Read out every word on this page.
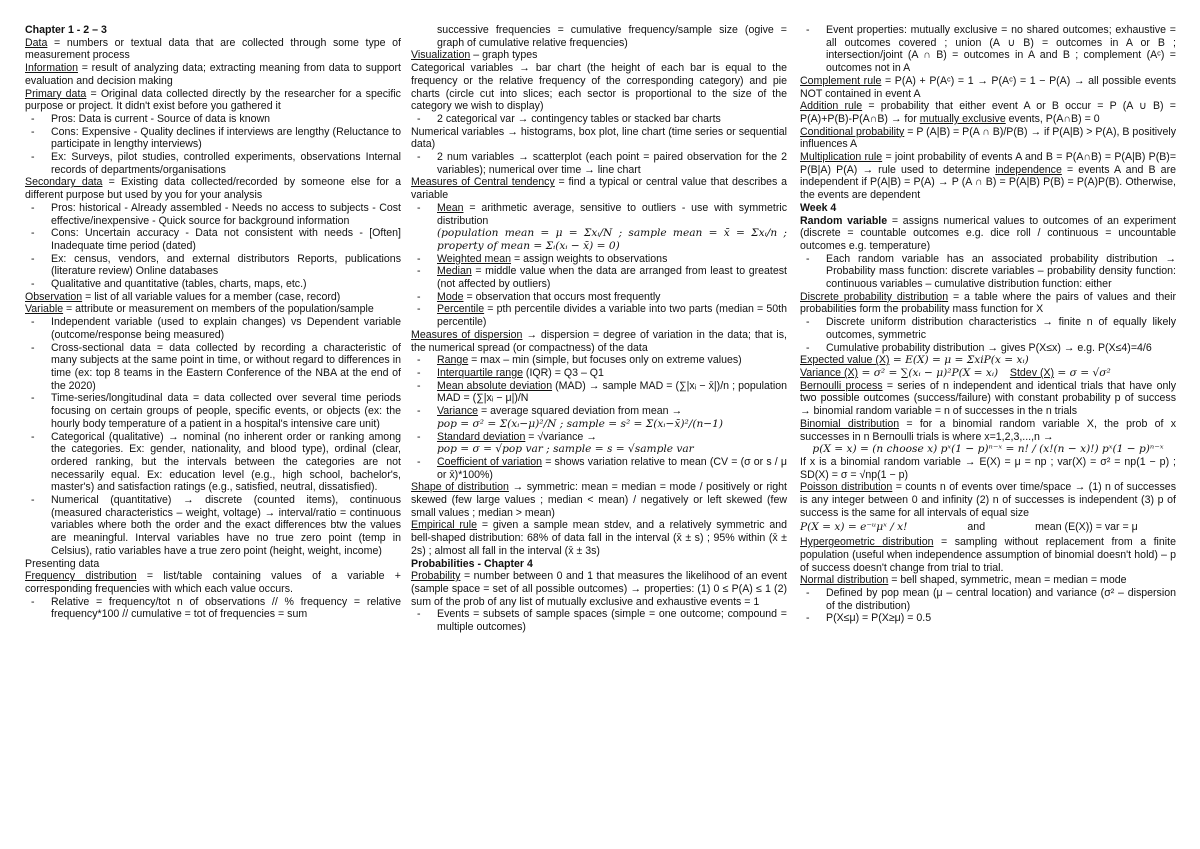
Chapter 1 - 2 – 3

Data = numbers or textual data that are collected through some type of measurement process

Information = result of analyzing data; extracting meaning from data to support evaluation and decision making

Primary data = Original data collected directly by the researcher for a specific purpose or project. It didn't exist before you gathered it

- Pros: Data is current - Source of data is known
- Cons: Expensive - Quality declines if interviews are lengthy (Reluctance to participate in lengthy interviews)
- Ex: Surveys, pilot studies, controlled experiments, observations Internal records of departments/organisations

Secondary data = Existing data collected/recorded by someone else for a different purpose but used by you for your analysis

- Pros: historical - Already assembled - Needs no access to subjects - Cost effective/inexpensive - Quick source for background information
- Cons: Uncertain accuracy - Data not consistent with needs - [Often] Inadequate time period (dated)
- Ex: census, vendors, and external distributors Reports, publications (literature review) Online databases
- Qualitative and quantitative (tables, charts, maps, etc.)

Observation = list of all variable values for a member (case, record)

Variable = attribute or measurement on members of the population/sample

- Independent variable (used to explain changes) vs Dependent variable (outcome/response being measured)
- Cross-sectional data = data collected by recording a characteristic of many subjects at the same point in time, or without regard to differences in time (ex: top 8 teams in the Eastern Conference of the NBA at the end of the 2020)
- Time-series/longitudinal data = data collected over several time periods focusing on certain groups of people, specific events, or objects (ex: the hourly body temperature of a patient in a hospital's intensive care unit)
- Categorical (qualitative) → nominal (no inherent order or ranking among the categories. Ex: gender, nationality, and blood type), ordinal (clear, ordered ranking, but the intervals between the categories are not necessarily equal. Ex: education level (e.g., high school, bachelor's, master's) and satisfaction ratings (e.g., satisfied, neutral, dissatisfied).
- Numerical (quantitative) → discrete (counted items), continuous (measured characteristics – weight, voltage) → interval/ratio = continuous variables where both the order and the exact differences btw the values are meaningful. Interval variables have no true zero point (temp in Celsius), ratio variables have a true zero point (height, weight, income)

Presenting data

Frequency distribution = list/table containing values of a variable + corresponding frequencies with which each value occurs.

- Relative = frequency/tot n of observations // % frequency = relative frequency*100 // cumulative = tot of frequencies = sum

successive frequencies = cumulative frequency/sample size (ogive = graph of cumulative relative frequencies)

Visualization – graph types

Categorical variables → bar chart (the height of each bar is equal to the frequency or the relative frequency of the corresponding category) and pie charts (circle cut into slices; each sector is proportional to the size of the category we wish to display)

- 2 categorical var → contingency tables or stacked bar charts

Numerical variables → histograms, box plot, line chart (time series or sequential data)

- 2 num variables → scatterplot (each point = paired observation for the 2 variables); numerical over time → line chart

Measures of Central tendency = find a typical or central value that describes a variable

- Mean = arithmetic average, sensitive to outliers - use with symmetric distribution
(population mean = μ = Σxᵢ/N ; sample mean = x̄ = Σxᵢ/n ; property of mean = Σᵢ(xᵢ − x̄) = 0)
- Weighted mean = assign weights to observations
- Median = middle value when the data are arranged from least to greatest (not affected by outliers)
- Mode = observation that occurs most frequently
- Percentile = pth percentile divides a variable into two parts (median = 50th percentile)

Measures of dispersion → dispersion = degree of variation in the data; that is, the numerical spread (or compactness) of the data

- Range = max – min (simple, but focuses only on extreme values)
- Interquartile range (IQR) = Q3 – Q1
- Mean absolute deviation (MAD) → sample MAD = (∑|xᵢ − x̄|)/n ; population MAD = (∑|xᵢ − μ|)/N
- Variance = average squared deviation from mean →
pop = σ² = Σ(xᵢ−μ)²/N ; sample = s² = Σ(xᵢ−x̄)²/(n−1)
- Standard deviation = √variance →
pop = σ = √pop var ; sample = s = √sample var
- Coefficient of variation = shows variation relative to mean (CV = (σ or s / μ or x̄)*100%)

Shape of distribution → symmetric: mean = median = mode / positively or right skewed (few large values ; median < mean) / negatively or left skewed (few small values ; median > mean)

Empirical rule = given a sample mean stdev, and a relatively symmetric and bell-shaped distribution: 68% of data fall in the interval (x̄ ± s) ; 95% within (x̄ ± 2s) ; almost all fall in the interval (x̄ ± 3s)

Probabilities - Chapter 4

Probability = number between 0 and 1 that measures the likelihood of an event (sample space = set of all possible outcomes) → properties: (1) 0 ≤ P(A) ≤ 1 (2) sum of the prob of any list of mutually exclusive and exhaustive events = 1

- Events = subsets of sample spaces (simple = one outcome; compound = multiple outcomes)
- Event properties: mutually exclusive = no shared outcomes; exhaustive = all outcomes covered ; union (A ∪ B) = outcomes in A or B ; intersection/joint (A ∩ B) = outcomes in A and B ; complement (Aᶜ) = outcomes not in A

Complement rule = P(A) + P(Aᶜ) = 1 → P(Aᶜ) = 1 − P(A) → all possible events NOT contained in event A

Addition rule = probability that either event A or B occur = P (A ∪ B) = P(A)+P(B)-P(A∩B) → for mutually exclusive events, P(A∩B) = 0

Conditional probability = P (A|B) = P(A ∩ B)/P(B) → if P(A|B) > P(A), B positively influences A

Multiplication rule = joint probability of events A and B = P(A∩B) = P(A|B) P(B)= P(B|A) P(A) → rule used to determine independence = events A and B are independent if P(A|B) = P(A) → P (A ∩ B) = P(A|B) P(B) = P(A)P(B). Otherwise, the events are dependent

Week 4

Random variable = assigns numerical values to outcomes of an experiment (discrete = countable outcomes e.g. dice roll / continuous = uncountable outcomes e.g. temperature)

- Each random variable has an associated probability distribution → Probability mass function: discrete variables – probability density function: continuous variables – cumulative distribution function: either

Discrete probability distribution = a table where the pairs of values and their probabilities form the probability mass function for X

- Discrete uniform distribution characteristics → finite n of equally likely outcomes, symmetric
- Cumulative probability distribution → gives P(X≤x) → e.g. P(X≤4)=4/6

Expected value (X) = E(X) = μ = ΣxiP(x = xᵢ)

Variance (X) = σ² = ∑(xᵢ − μ)²P(X = xᵢ) Stdev (X) = σ = √σ²

Bernoulli process = series of n independent and identical trials that have only two possible outcomes (success/failure) with constant probability p of success → binomial random variable = n of successes in the n trials

Binomial distribution = for a binomial random variable X, the prob of x successes in n Bernoulli trials is where x=1,2,3,...,n →

p(X = x) = (n choose x) pˣ(1 − p)ⁿ⁻ˣ = n! / (x!(n − x)!) pˣ(1 − p)ⁿ⁻ˣ

If x is a binomial random variable → E(X) = μ = np ; var(X) = σ² = np(1 − p) ; SD(X) = σ = √np(1 − p)

Poisson distribution = counts n of events over time/space → (1) n of successes is any integer between 0 and infinity (2) n of successes is independent (3) p of success is the same for all intervals of equal size

P(X = x) = e⁻ᵘμˣ / x!	and	mean (E(X)) = var = μ

Hypergeometric distribution = sampling without replacement from a finite population (useful when independence assumption of binomial doesn't hold) – p of success doesn't change from trial to trial.

Normal distribution = bell shaped, symmetric, mean = median = mode

- Defined by pop mean (μ – central location) and variance (σ² – dispersion of the distribution)
- P(X≤μ) = P(X≥μ) = 0.5
